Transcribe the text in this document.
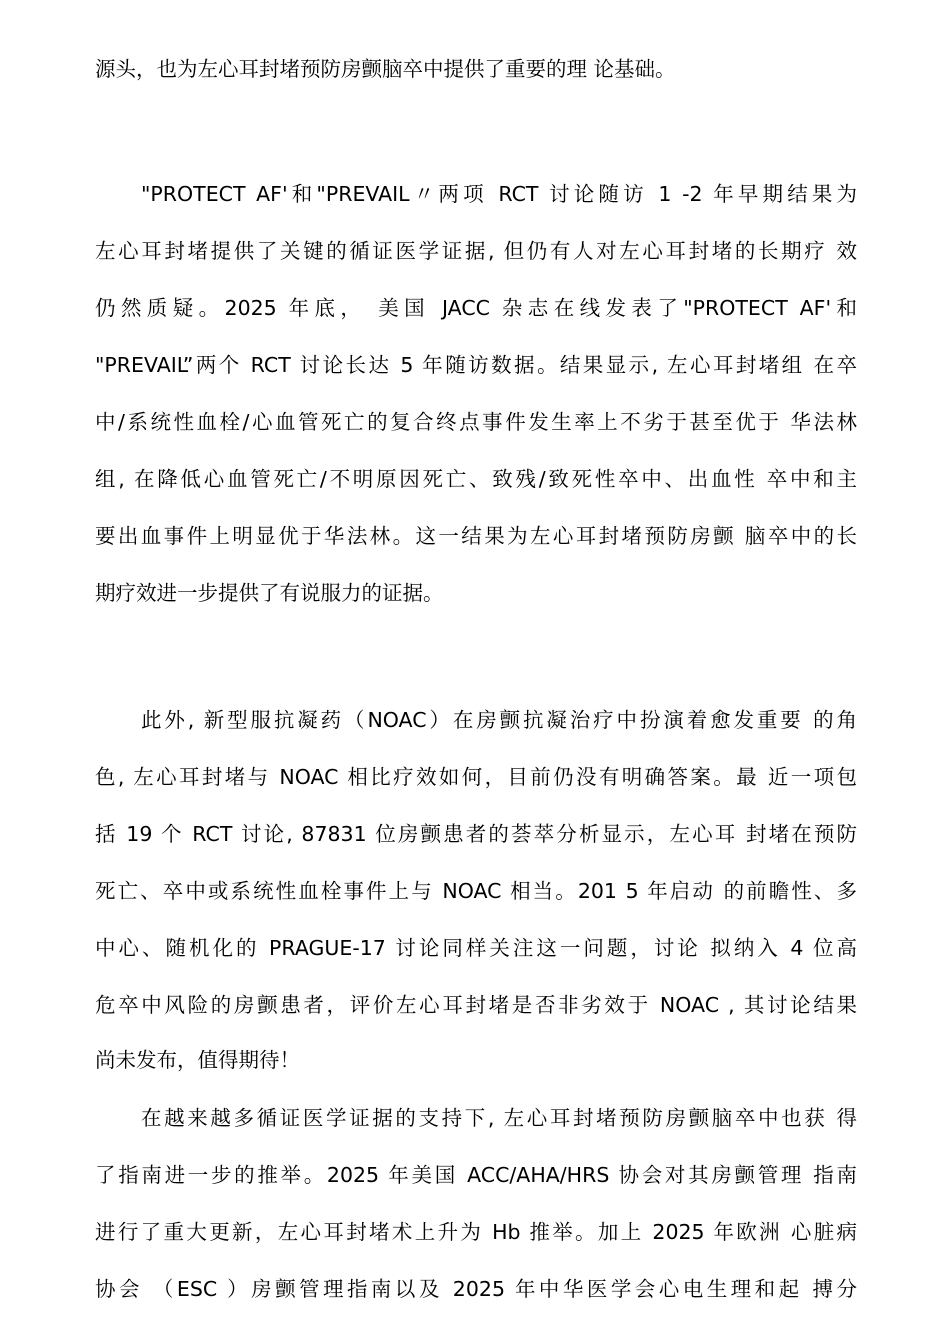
源头，也为左心耳封堵预防房颤脑卒中提供了重要的理 论基础。
"PROTECT AF'和"PREVAIL〃两项 RCT 讨论随访 1 -2 年早期结果为
左心耳封堵提供了关键的循证医学证据, 但仍有人对左心耳封堵的长期疗 效
仍然质疑。2025 年底， 美国 JACC 杂志在线发表了"PROTECT AF'和
"PREVAIL”两个 RCT 讨论长达 5 年随访数据。结果显示, 左心耳封堵组 在卒
中/系统性血栓/心血管死亡的复合终点事件发生率上不劣于甚至优于 华法林
组, 在降低心血管死亡/不明原因死亡、致残/致死性卒中、出血性 卒中和主
要出血事件上明显优于华法林。这一结果为左心耳封堵预防房颤 脑卒中的长
期疗效进一步提供了有说服力的证据。
此外, 新型服抗凝药（NOAC）在房颤抗凝治疗中扮演着愈发重要 的角
色, 左心耳封堵与 NOAC 相比疗效如何，目前仍没有明确答案。最 近一项包
括 19 个 RCT 讨论, 87831 位房颤患者的荟萃分析显示，左心耳 封堵在预防
死亡、卒中或系统性血栓事件上与 NOAC 相当。201 5 年启动 的前瞻性、多
中心、随机化的 PRAGUE-17 讨论同样关注这一问题，讨论 拟纳入 4 位高
危卒中风险的房颤患者，评价左心耳封堵是否非劣效于 NOAC , 其讨论结果
尚未发布，值得期待！
在越来越多循证医学证据的支持下, 左心耳封堵预防房颤脑卒中也获 得
了指南进一步的推举。2025 年美国 ACC/AHA/HRS 协会对其房颤管理 指南
进行了重大更新，左心耳封堵术上升为 Hb 推举。加上 2025 年欧洲 心脏病
协会 （ESC ）房颤管理指南以及 2025 年中华医学会心电生理和起 搏分
